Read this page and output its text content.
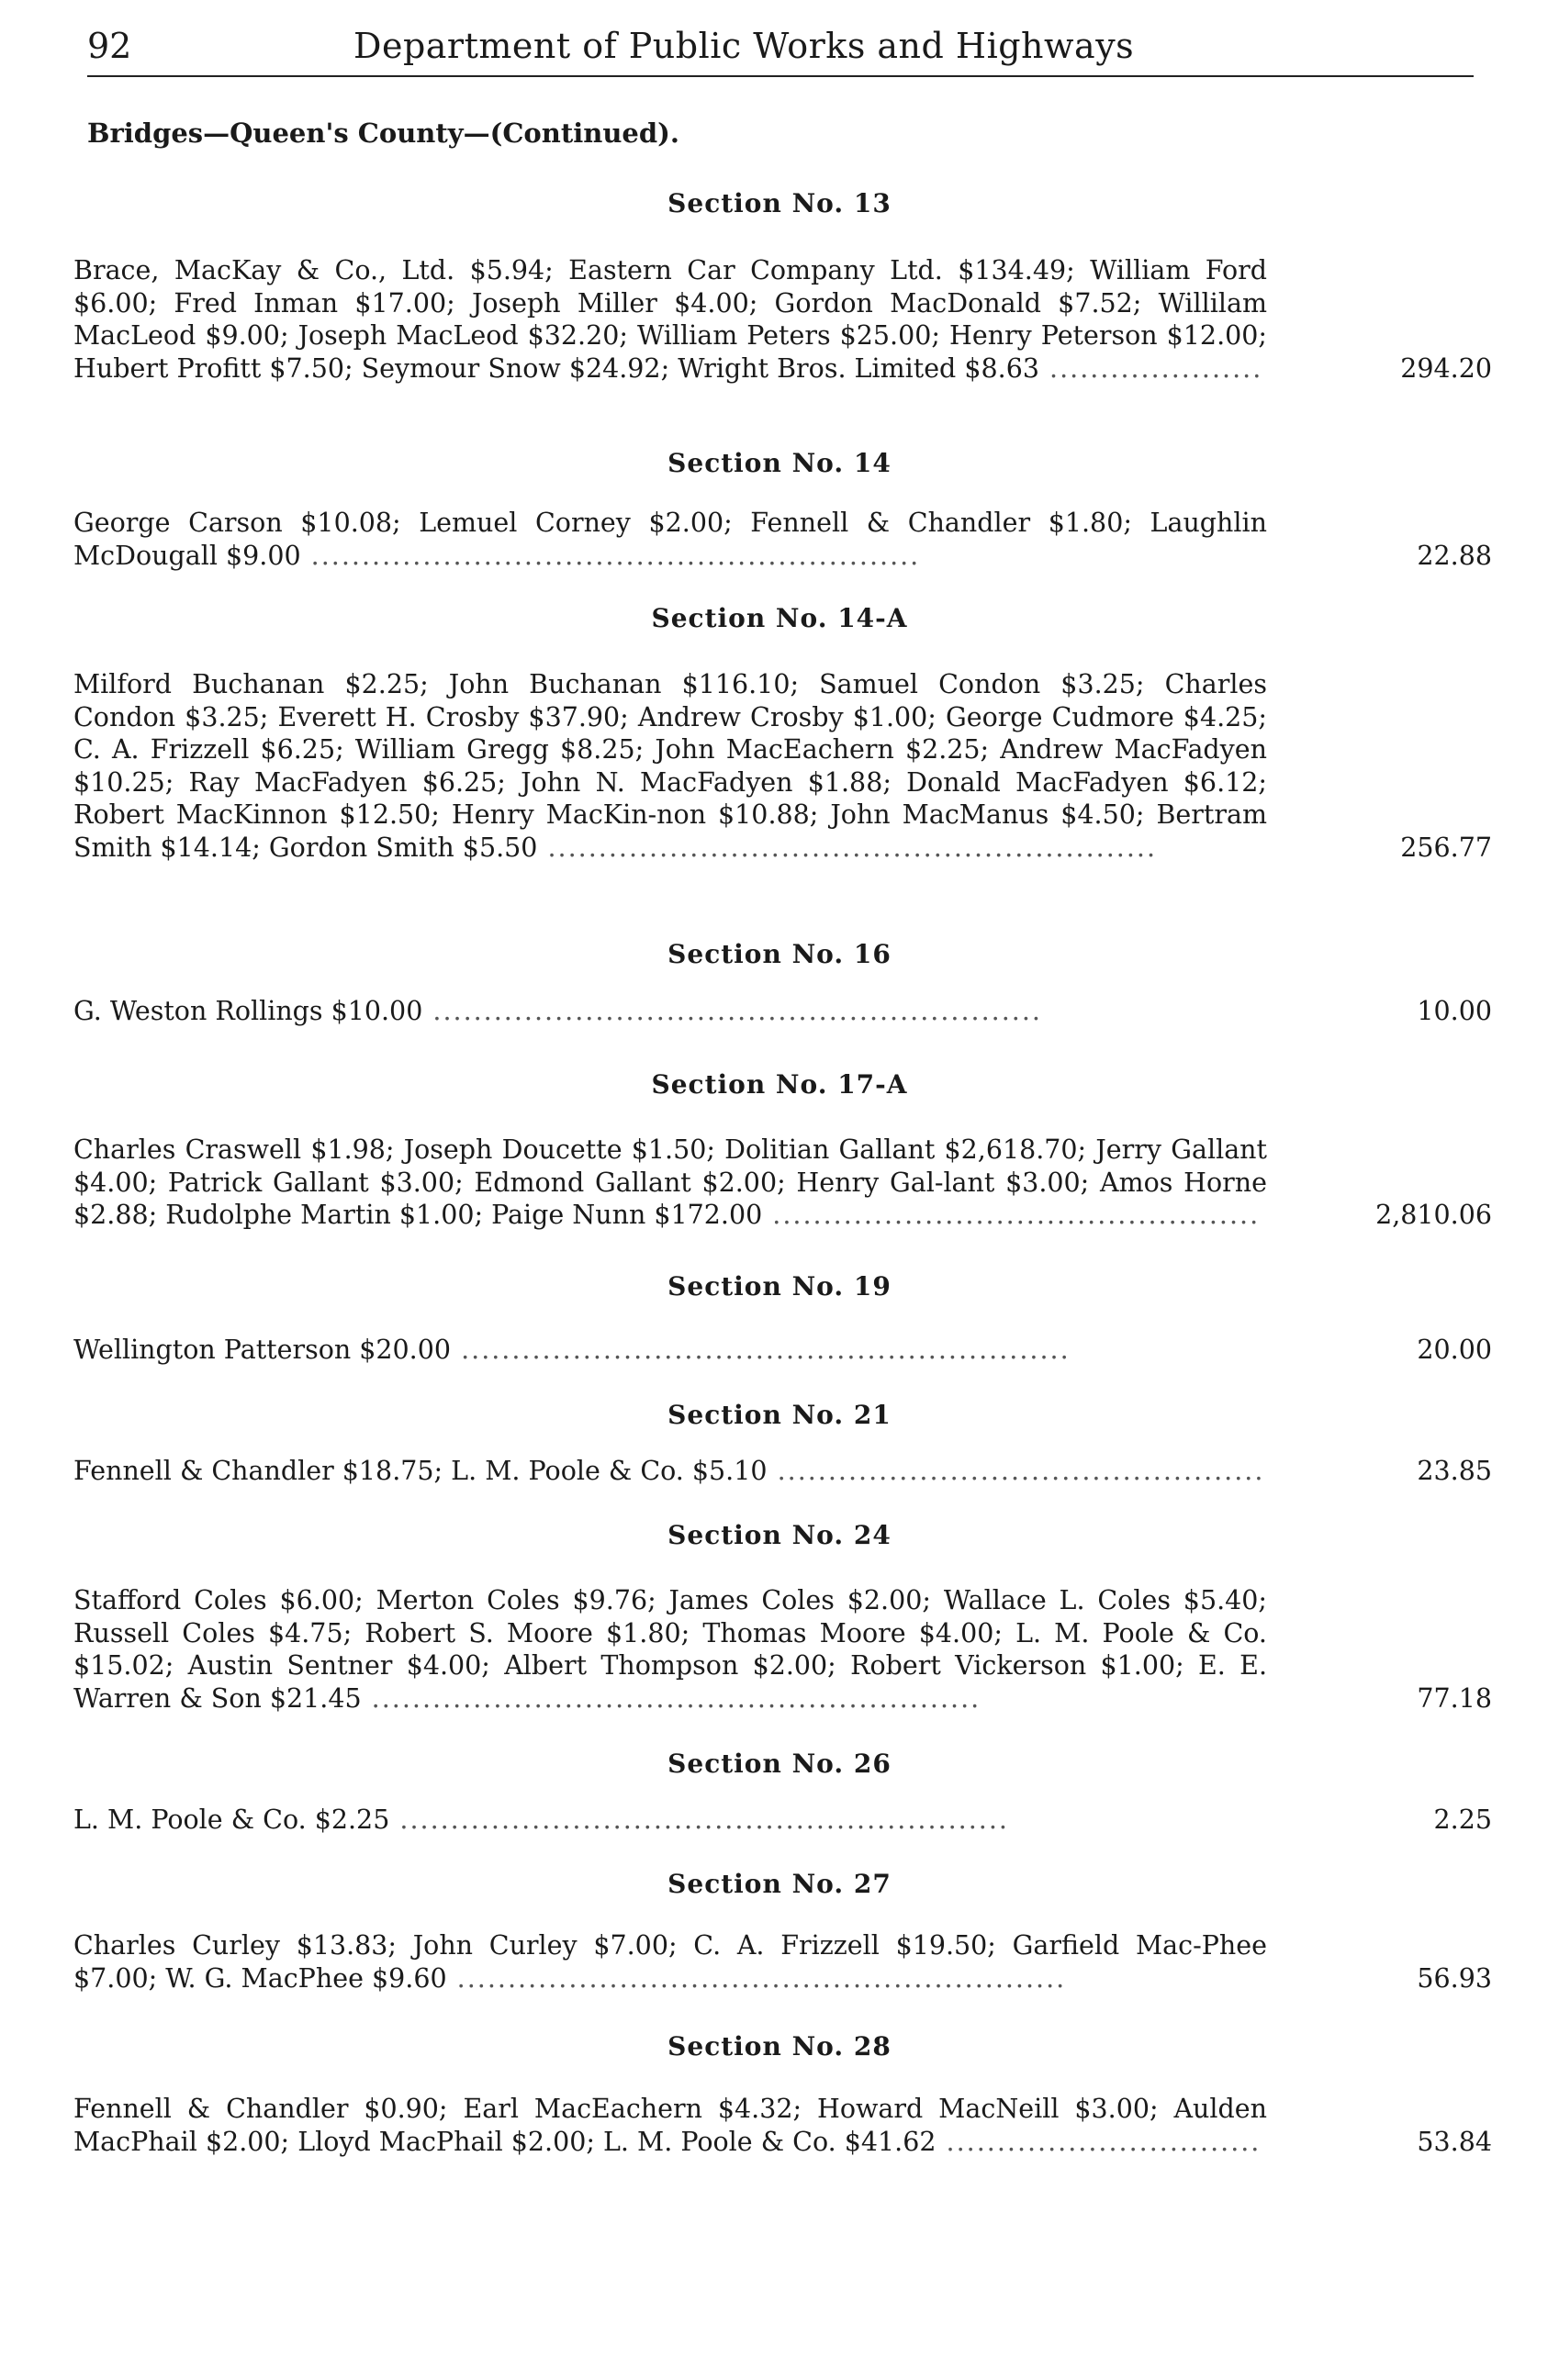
92	Department of Public Works and Highways
Bridges—Queen's County—(Continued).
Section No. 13
Brace, MacKay & Co., Ltd. $5.94; Eastern Car Company Ltd. $134.49; William Ford $6.00; Fred Inman $17.00; Joseph Miller $4.00; Gordon MacDonald $7.52; Willilam MacLeod $9.00; Joseph MacLeod $32.20; William Peters $25.00; Henry Peterson $12.00; Hubert Profitt $7.50; Seymour Snow $24.92; Wright Bros. Limited $8.63 .....................	294.20
Section No. 14
George Carson $10.08; Lemuel Corney $2.00; Fennell & Chandler $1.80; Laughlin McDougall $9.00 ............................................................	22.88
Section No. 14-A
Milford Buchanan $2.25; John Buchanan $116.10; Samuel Condon $3.25; Charles Condon $3.25; Everett H. Crosby $37.90; Andrew Crosby $1.00; George Cudmore $4.25; C. A. Frizzell $6.25; William Gregg $8.25; John MacEachern $2.25; Andrew MacFadyen $10.25; Ray MacFadyen $6.25; John N. MacFadyen $1.88; Donald MacFadyen $6.12; Robert MacKinnon $12.50; Henry MacKin-non $10.88; John MacManus $4.50; Bertram Smith $14.14; Gordon Smith $5.50 ............................................................	256.77
Section No. 16
G. Weston Rollings $10.00 ............................................................	10.00
Section No. 17-A
Charles Craswell $1.98; Joseph Doucette $1.50; Dolitian Gallant $2,618.70; Jerry Gallant $4.00; Patrick Gallant $3.00; Edmond Gallant $2.00; Henry Gal-lant $3.00; Amos Horne $2.88; Rudolphe Martin $1.00; Paige Nunn $172.00 ................................................	2,810.06
Section No. 19
Wellington Patterson $20.00 ............................................................	20.00
Section No. 21
Fennell & Chandler $18.75; L. M. Poole & Co. $5.10 ................................................	23.85
Section No. 24
Stafford Coles $6.00; Merton Coles $9.76; James Coles $2.00; Wallace L. Coles $5.40; Russell Coles $4.75; Robert S. Moore $1.80; Thomas Moore $4.00; L. M. Poole & Co. $15.02; Austin Sentner $4.00; Albert Thompson $2.00; Robert Vickerson $1.00; E. E. Warren & Son $21.45 ............................................................	77.18
Section No. 26
L. M. Poole & Co. $2.25 ............................................................	2.25
Section No. 27
Charles Curley $13.83; John Curley $7.00; C. A. Frizzell $19.50; Garfield Mac-Phee $7.00; W. G. MacPhee $9.60 ............................................................	56.93
Section No. 28
Fennell & Chandler $0.90; Earl MacEachern $4.32; Howard MacNeill $3.00; Aulden MacPhail $2.00; Lloyd MacPhail $2.00; L. M. Poole & Co. $41.62 ...............................	53.84
